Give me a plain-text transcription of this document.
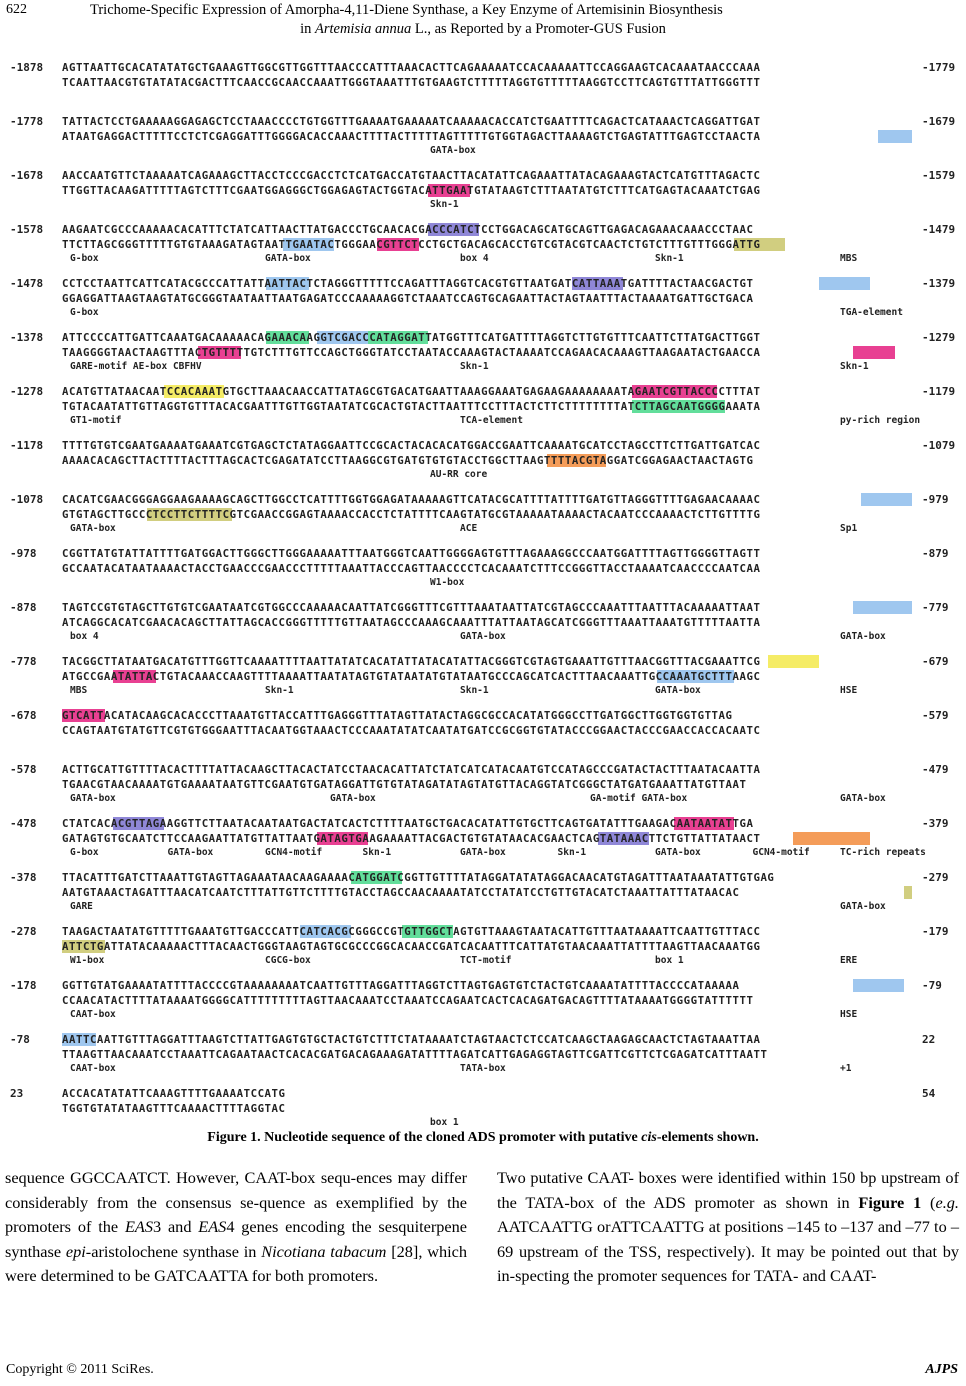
622	Trichome-Specific Expression of Amorpha-4,11-Diene Synthase, a Key Enzyme of Artemisinin Biosynthesis
in Artemisia annua L., as Reported by a Promoter-GUS Fusion
-1878 AGTTAATTGCACATATATGCTGAAAGTTGGCGTTGGTTTAACCCATTTAAACACTTCAGAAAAATCCACAAAAATTCCAGGAAGTCACAAATAACCCAAA
TCAATTAACGTGTATATACGACTTTCAACCGCAACCAAATTGGGTAAATTTGTGAAGTCTTTTTAGGTGTTTTTAAGGTCCTTCAGTGTTTATTGGGTTT
-1779
-1778 TATTACTCCTGAAAAAGGAGAGCTCCTAAACCCCTGTGGTTTGAAAATGAAAAATCAAAAACACCATCTGAATTTTCAGACTCATAAACTCAGGATTGAT
ATAATGAGGACTTTTTCCTCTCGAGGATTTGGGGACACCAAACTTTTACTTTTTAGTTTTTGTGGTAGACTTAAAAGTCTGAGTATTTGAGTCCTAACTA
-1679
GATA-box
-1678 AACCAATGTTCTAAAAATCAGAAAGCTTACCTCCCGACCTCTCATGACCATGTAACTTACATATTCAGAAATTATACAGAAAGTACTCATGTTTAGACTC
TTGGTTACAAGATTTTTAGTCTTTCGAATGGAGGGCTGGAGAGTACTGGTACATTGAATGTATAAGTCTTTAATATGTCTTTCATGAGTACAAATCTGAG
-1579
Skn-1
-1578 AAGAATCGCCCAAAAACACATTTCTATCATTAACTTATGACCCTGCAACACGACCCATCTCCTGGACAGCATGCAGTTGAGACAGAAACAAACCCTAAC
TTCTTAGCGGGTTTTTGTGTAAAGATAGTAATTGAATACTGGGAACGTTCTCCTGCTGACAGCACCTGTCGTACGTCAACTCTGTCTTTGTTTGGGATTG
-1479
G-box	GATA-box	box 4	Skn-1	MBS
-1478 CCTCCTAATTCATTCATACGCCCATTATTAATTACTCTAGGGTTTTTCCAGATTTAGGTCACGTGTTAATGATCATTAAATGATTTTACTAACGACTGT
GGAGGATTAAGTAAGTATGCGGGTAATAATTAATGAGATCCCAAAAAGGTCTAAATCCAGTGCAGAATTACTAGTAATTTACTAAAATGATTGCTGACA
-1379
G-box	TGA-element
-1378 ATTCCCCATTGATTCAAATGACAAAAACAGAAACAAGGTCGACCCATAGGATTATGGTTTCATGATTTTAGGTCTTGTGTTTCAATTCTTATGACTTGGT
TAAGGGGTAACTAAGTTTACTGTTTTTGTCTTTGTTCCAGCTGGGTATCCTAATACCAAAGTACTAAAATCCAGAACACAAAGTTAAGAATACTGAACCA
-1279
GARE-motif AE-box CBFHV	Skn-1	Skn-1
-1278 ACATGTTATAACAATCCACAAATGTGCTTAAACAACCATTATAGCGTGACATGAATTAAAGGAAATGAGAAGAAAAAAAATAGAATCGTTACCCCTTTAT
TGTACAATATTGTTAGGTGTTTACACGAATTTGTTGGTAATATCGCACTGTACTTAATTTCCTTTACTCTTCTTTTTTTTATCTTAGCAATGGGGAAATA
-1179
GT1-motif	TCA-element	py-rich region
-1178 TTTTGTGTCGAATGAAAATGAAATCGTGAGCTCTATAGGAATTCCGCACTACACACATGGACCGAATTCAAAATGCATCCTAGCCTTCTTGATTGATCAC
AAAACACAGCTTACTTTTACTTTAGCACTCGAGATATCCTTAAGGCGTGATGTGTGTACCTGGCTTAAGTTTTACGTAGGATCGGAGAACTAACTAGTG
-1079
AU-RR core
-1078 CACATCGAACGGGAGGAAGAAAAGCAGCTTGGCCTCATTTTGGTGGAGATAAAAAGTTCATACGCATTTTATTTTGATGTTAGGGTTTTGAGAACAAAAC
GTGTAGCTTGCCCTCCTTCTTTTCGTCGAACCGGAGTAAAACCACCTCTATTTTCAAGTATGCGTAAAAATAAAACTACAATCCCAAAACTCTTGTTTTG
-979
GATA-box	ACE	Sp1
-978 CGGTTATGTATTATTTTGATGGACTTGGGCTTGGGAAAAATTTAATGGGTCAATTGGGGAGTGTTTAGAAAGGCCCAATGGATTTTAGTTGGGGTTAGTT
GCCAATACATAATAAAACTACCTGAACCCGAACCCTTTTTAAATTACCCAGTTAACCCCTCACAAATCTTTCCGGGTTACCTAAAATCAACCCCAATCAA
-879
W1-box
-878 TAGTCCGTGTAGCTTGTGTCGAATAATCGTGGCCCAAAAACAATTATCGGGTTTCGTTTAAATAATTATCGTAGCCCAAATTTAATTTACAAAAATTAAT
ATCAGGCACATCGAACACAGCTTATTAGCACCGGGTTTTTGTTAATAGCCCAAAGCAAATTTATTAATAGCATCGGGTTTAAATTAAATGTTTTTAATTA
-779
box 4	GATA-box	GATA-box
-778 TACGGCTTATAATGACATGTTTGGTTCAAAATTTTAATTATATCACATATTATACATATTACGGGTCGTAGTGAAATTGTTTAACGGTTTACGAAATTCG
ATGCCGAATATTACTGTACAAACCAAGTTTTAAAATTAATATAGTGTATAATATGTATAATGCCCAGCATCACTTTAACAAATTGCCAAATGCTTTAAGC
-679
MBS	Skn-1	Skn-1	GATA-box	HSE
-678 GTCATTACATACAAGCACACCCTTAAATGTTACCATTTGAGGGTTTATAGTTATACTAGGCGCCACATATGGGCCTTGATGGCTTGGTGGTGTTAG
CCAGTAATGTATGTTCGTGTGGGAATTTACAATGGTAAACTCCCAAATATATCAATATGATCCGCGGTGTATACCCGGAACTACCCGAACCACCACAATC
-579
-578 ACTTGCATTGTTTTACACTTTTATTACAAGCTTACACTATCCTAACACATTATCTATCATCATACAATGTCCATAGCCCGATACTACTTTAATACAATTA
TGAACGTAACAAAATGTGAAAATAATGTTCGAATGTGATAGGATTGTGTATAGATATAGTATGTTACAGGTATCGGGCTATGATGAAATTATGTTAAT
-479
GATA-box	GATA-box	GA-motif GATA-box	GATA-box
-478 CTATCACACGTTAGAAGGTTCTTAATACAATAATGACTATCACTCTTTTAATGCTGACACATATTGTGCTTCAGTGATATTTGAAGACAATAATATTGA
GATAGTGTGCAATCTTCCAAGAATTATGTTATTAATGATAGTGAAGAAAATTACGACTGTGTATAACACGAACTCAGTATAAACTTCTGTTATTATAACT
-379
G-box	GATA-box	GCN4-motif	Skn-1	GATA-box	Skn-1	GATA-box	GCN4-motif	TC-rich repeats
-378 TTACATTTGATCTTAAATTGTAGTTAGAAATAACAAGAAAACATGGATCGGTTGTTTTATAGGATATATAGGACAACATGTAGATTTAATAAATATTGTGAG
AATGTAAACTAGATTTAACATCAATCTTTATTGTTCTTTTGTACCTAGCCAACAAAATATCCTATATCCTGTTGTACATCTAAATTATTTATAACAC
-279
GARE	GATA-box
-278 TAAGACTAATATGTTTTTGAAATGTTGACCCATTCATCACGCGGGCCGTGTTGGCTAGTGTTAAAGTAATACATTGTTTAATAAAATTCAATTGTTTACC
ATTCTGATTATACAAAAACTTTACAACTGGGTAAGTAGTGCGCCCGGCACAACCGATCACAATTTCATTATGTAACAAATTATTTTAAGTTAACAAATGG
-179
W1-box	CGCG-box	TCT-motif	box 1	ERE
-178 GGTTGTATGAAAATATTTTACCCCGTAAAAAAAATCAATTGTTTAGGATTTAGGTCTTAGTGAGTGTCTACTGTCAAAATATTTTACCCCATAAAAA
CCAACATACTTTTATAAAATGGGGCATTTTTTTTTAGTTAACAAATCCTAAATCCAGAATCACTCACAGATGACAGTTTTATAAAATGGGGTATTTTTT
-79
CAAT-box	HSE
-78	AATTCAATTGTTTAGGATTTAAGTCTTATTGAGTGTGCTACTGTCTTTCTATAAAATCTAGTAACTCTCCATCAAGCTAAGAGCAACTCTAGTAAATTAA
TTAAGTTAACAAATCCTAAATTCAGAATAACTCACACGATGACAGAAAGATATTTTAGATCATTGAGAGGTAGTTCGATTCGTTCTCGAGATCATTTAATT
22
CAAT-box	TATA-box	+1
23	ACCACATATATTCAAAGTTTTGAAAATCCATG
TGGTGTATATAAGTTTCAAAACTTTTAGGTAC
54
box 1
Figure 1. Nucleotide sequence of the cloned ADS promoter with putative cis-elements shown.
sequence GGCCAATCT. However, CAAT-box sequ-ences may differ considerably from the consensus se-quence as exemplified by the promoters of the EAS3 and EAS4 genes encoding the sesquiterpene synthase epi-aristolochene synthase in Nicotiana tabacum [28], which were determined to be GATCAATTA for both promoters.
Two putative CAAT- boxes were identified within 150 bp upstream of the TATA-box of the ADS promoter as shown in Figure 1 (e.g. AATCAATTG orATTCAATTG at positions –145 to –137 and –77 to –69 upstream of the TSS, respectively). It may be pointed out that by in-specting the promoter sequences for TATA- and CAAT-
Copyright © 2011 SciRes.	AJPS
